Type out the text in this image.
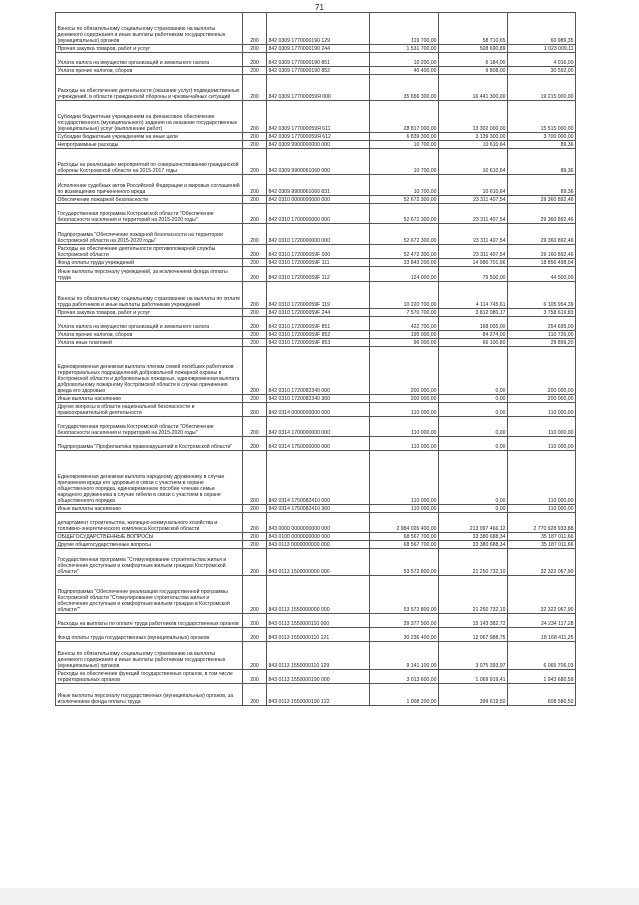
71
Взносы по обязательному социальному страхованию на выплаты денежного содержания и иные выплаты работникам государственных (муниципальных) органов	200	842 0309 1770000190 129	119 700,00	58 710,65	60 989,35
Прочая закупка товаров, работ и услуг	200	842 0309 1770000190 244	1 531 700,00	508 690,89	1 023 009,11
Уплата налога на имущество организаций и земельного налога	200	842 0309 1770000190 851	10 200,00	6 184,00	4 016,00
Уплата прочих налогов, сборов	200	842 0309 1770000190 852	40 400,00	9 808,00	30 592,00
Расходы на обеспечение деятельности (оказание услуг) подведомственных учреждений, в области гражданской обороны и чрезвычайных ситуаций	200	842 0309 177000059Я 000	35 656 300,00	16 441 300,00	19 215 000,00
Субсидии бюджетным учреждениям на финансовое обеспечение государственного (муниципального) задания на оказание государственных (муниципальных) услуг (выполнение работ)	200	842 0309 177000059Я 611	28 817 000,00	13 302 000,00	15 515 000,00
Субсидии бюджетным учреждениям на иные цели	200	842 0309 177000059Я 612	6 839 300,00	3 139 300,00	3 700 000,00
Непрограммные расходы	200	842 0309 9900000000 000	10 700,00	10 610,64	89,36
Расходы на реализацию мероприятий по совершенствованию гражданской обороны Костромской области на 2015-2017 годы	200	842 0309 9900061060 000	10 700,00	10 610,64	89,36
Исполнение судебных актов Российской Федерации и мировых соглашений по возмещению причиненного вреда	200	842 0309 9900061060 831	10 700,00	10 610,64	89,36
Обеспечение пожарной безопасности	200	842 0310 0000000000 000	52 672 300,00	23 311 407,54	29 360 892,46
Государственная программа Костромской области "Обеспечение безопасности населения и территорий на 2015-2020 годы"	200	842 0310 1700000000 000	52 672 300,00	23 311 407,54	29 360 892,46
Подпрограмма "Обеспечение пожарной безопасности на территории Костромской области на 2015-2020 годы"	200	842 0310 1720000000 000	52 672 300,00	23 311 407,54	29 360 892,46
Расходы на обеспечение деятельности противопожарной службы Костромской области	200	842 0310 172000059F 000	52 472 300,00	23 311 407,54	29 160 892,46
Фонд оплаты труда учреждений	200	842 0310 172000059F 111	33 843 200,00	14 986 701,96	18 856 498,04
Иные выплаты персоналу учреждений, за исключением фонда оплаты труда	200	842 0310 172000059F 112	124 000,00	79 500,00	44 500,00
Взносы по обязательному социальному страхованию на выплаты по оплате труда работников и иные выплаты работникам учреждений	200	842 0310 172000059F 119	10 220 700,00	4 114 745,61	6 105 954,39
Прочая закупка товаров, работ и услуг	200	842 0310 172000059F 244	7 570 700,00	3 812 080,17	3 758 619,83
Уплата налога на имущество организаций и земельного налога	200	842 0310 172000059F 851	422 700,00	168 005,00	254 695,00
Уплата прочих налогов, сборов	200	842 0310 172000059F 852	195 000,00	84 274,00	110 726,00
Уплата иных платежей	200	842 0310 172000059F 853	96 000,00	66 100,80	29 899,20
Единовременная денежная выплата членам семей погибших работников территориальных подразделений добровольной пожарной охраны в Костромской области и добровольных пожарных, единовременная выплата добровольному пожарному Костромской области в случае причинения вреда его здоровью	200	842 0310 1720082340 000	200 000,00	0,00	200 000,00
Иные выплаты населению	200	842 0310 1720082340 360	200 000,00	0,00	200 000,00
Другие вопросы в области национальной безопасности и правоохранительной деятельности	200	842 0314 0000000000 000	110 000,00	0,00	110 000,00
Государственная программа Костромской области "Обеспечение безопасности населения и территорий на 2015-2020 годы"	200	842 0314 1700000000 000	110 000,00	0,00	110 000,00
Подпрограмма "Профилактика правонарушений в Костромской области"	200	842 0314 1750000000 000	110 000,00	0,00	110 000,00
Единовременная денежная выплата народному дружиннику в случае причинения вреда его здоровью в связи с участием в охране общественного порядка, единовременное пособие членам семьи народного дружинника в случае гибели в связи с участием в охране общественного порядка	200	842 0314 1750082410 000	110 000,00	0,00	110 000,00
Иные выплаты населению	200	842 0314 1750082410 360	110 000,00	0,00	110 000,00
департамент строительства, жилищно-коммунального хозяйства и топливно-энергетического комплекса Костромской области	200	843 0000 0000000000 000	2 984 026 400,00	213 097 466,12	2 770 928 933,88
ОБЩЕГОСУДАРСТВЕННЫЕ ВОПРОСЫ	200	843 0100 0000000000 000	68 567 700,00	33 380 688,34	35 187 011,66
Другие общегосударственные вопросы	200	843 0113 0000000000 000	68 567 700,00	33 380 688,34	35 187 011,66
Государственная программа "Стимулирование строительства жилья и обеспечение доступным и комфортным жильем граждан Костромской области"	200	843 0113 1500000000 000	53 572 800,00	21 250 732,10	32 322 067,90
Подпрограмма "Обеспечение реализации государственной программы Костромской области "Стимулирование строительства жилья и обеспечение доступным и комфортным жильем граждан в Костромской области""	200	843 0113 1550000000 000	53 572 800,00	21 250 732,10	32 322 067,90
Расходы на выплаты по оплате труда работников государственных органов	200	843 0113 1550000110 000	39 377 500,00	15 143 382,72	24 234 117,28
Фонд оплаты труда государственных (муниципальных) органов	200	843 0113 1550000110 121	30 236 400,00	12 067 988,75	18 168 411,25
Взносы по обязательному социальному страхованию на выплаты денежного содержания и иные выплаты работникам государственных (муниципальных) органов	200	843 0113 1550000110 129	9 141 100,00	3 075 393,97	6 065 706,03
Расходы на обеспечение функций государственных органов, в том числе территориальных органов	200	843 0113 1550000190 000	3 013 600,00	1 069 919,41	1 943 680,59
Иные выплаты персоналу государственных (муниципальных) органов, за исключением фонда оплаты труда	200	843 0113 1550000190 122	1 008 200,00	399 619,50	608 580,50
